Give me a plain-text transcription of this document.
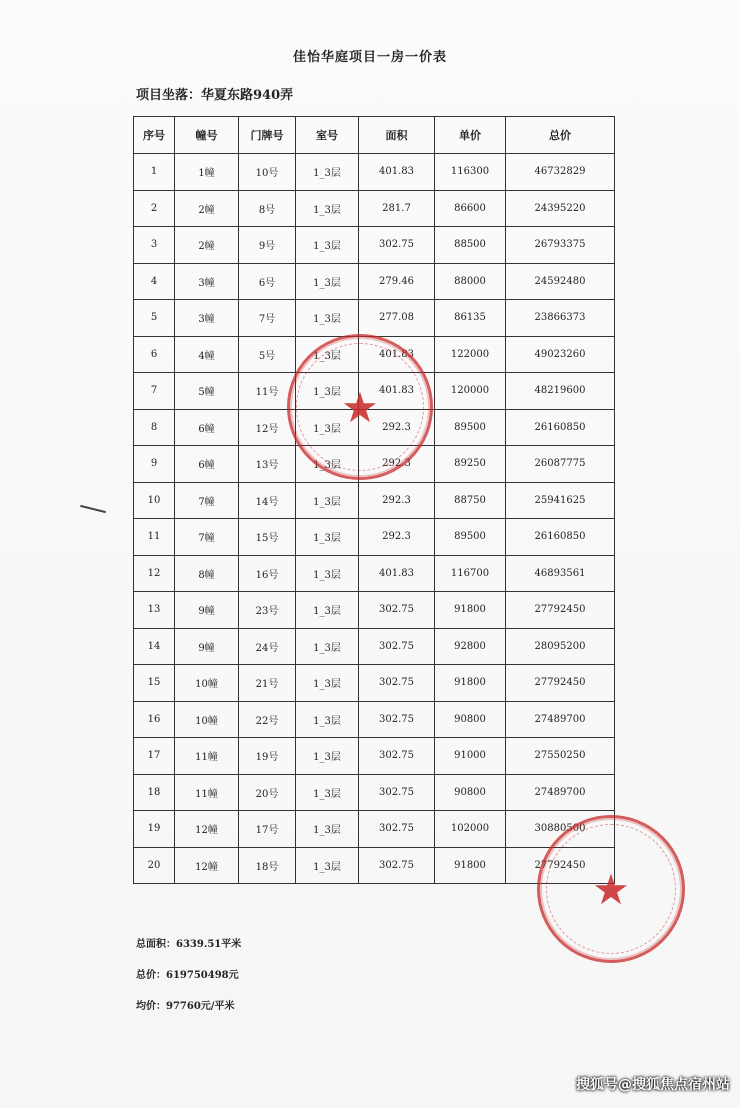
佳怡华庭项目一房一价表
项目坐落：华夏东路940弄
序号	幢号	门牌号	室号	面积	单价	总价
1	1幢	10号	1_3层	401.83	116300	46732829
2	2幢	8号	1_3层	281.7	86600	24395220
3	2幢	9号	1_3层	302.75	88500	26793375
4	3幢	6号	1_3层	279.46	88000	24592480
5	3幢	7号	1_3层	277.08	86135	23866373
6	4幢	5号	1_3层	401.83	122000	49023260
7	5幢	11号	1_3层	401.83	120000	48219600
8	6幢	12号	1_3层	292.3	89500	26160850
9	6幢	13号	1_3层	292.3	89250	26087775
10	7幢	14号	1_3层	292.3	88750	25941625
11	7幢	15号	1_3层	292.3	89500	26160850
12	8幢	16号	1_3层	401.83	116700	46893561
13	9幢	23号	1_3层	302.75	91800	27792450
14	9幢	24号	1_3层	302.75	92800	28095200
15	10幢	21号	1_3层	302.75	91800	27792450
16	10幢	22号	1_3层	302.75	90800	27489700
17	11幢	19号	1_3层	302.75	91000	27550250
18	11幢	20号	1_3层	302.75	90800	27489700
19	12幢	17号	1_3层	302.75	102000	30880500
20	12幢	18号	1_3层	302.75	91800	27792450
总面积：6339.51平米
总价：619750498元
均价：97760元/平米
★
★
搜狐号@搜狐焦点宿州站
